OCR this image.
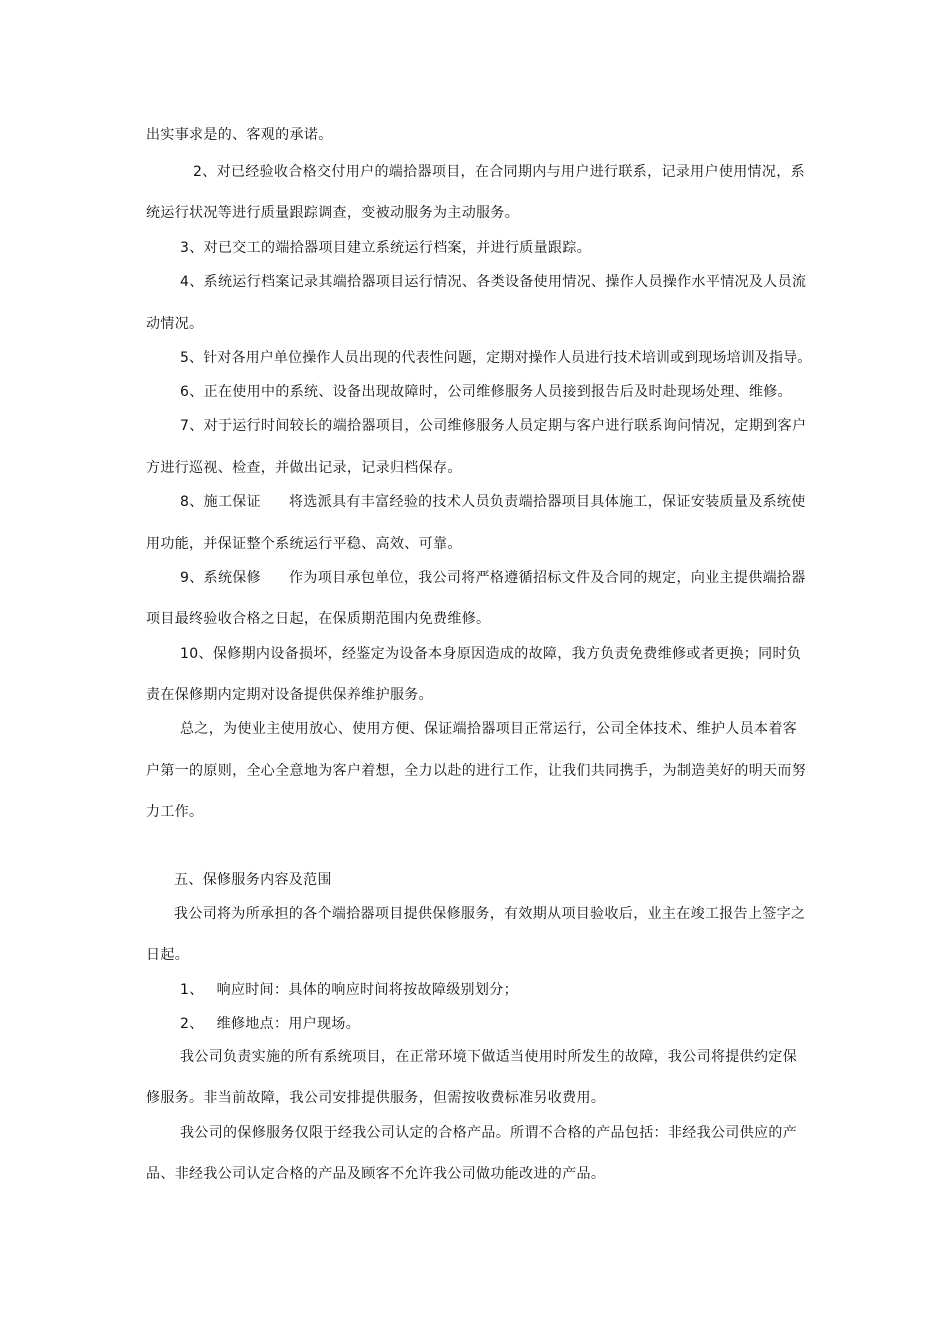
出实事求是的、客观的承诺。
2、对已经验收合格交付用户的端拾器项目，在合同期内与用户进行联系，记录用户使用情况，系
统运行状况等进行质量跟踪调查，变被动服务为主动服务。
3、对已交工的端拾器项目建立系统运行档案，并进行质量跟踪。
4、系统运行档案记录其端拾器项目运行情况、各类设备使用情况、操作人员操作水平情况及人员流
动情况。
5、针对各用户单位操作人员出现的代表性问题，定期对操作人员进行技术培训或到现场培训及指导。
6、正在使用中的系统、设备出现故障时，公司维修服务人员接到报告后及时赴现场处理、维修。
7、对于运行时间较长的端拾器项目，公司维修服务人员定期与客户进行联系询问情况，定期到客户
方进行巡视、检查，并做出记录，记录归档保存。
8、施工保证 将选派具有丰富经验的技术人员负责端拾器项目具体施工，保证安装质量及系统使
用功能，并保证整个系统运行平稳、高效、可靠。
9、系统保修 作为项目承包单位，我公司将严格遵循招标文件及合同的规定，向业主提供端拾器
项目最终验收合格之日起，在保质期范围内免费维修。
10、保修期内设备损坏，经鉴定为设备本身原因造成的故障，我方负责免费维修或者更换；同时负
责在保修期内定期对设备提供保养维护服务。
总之，为使业主使用放心、使用方便、保证端拾器项目正常运行，公司全体技术、维护人员本着客
户第一的原则，全心全意地为客户着想，全力以赴的进行工作，让我们共同携手，为制造美好的明天而努
力工作。
五、保修服务内容及范围
我公司将为所承担的各个端拾器项目提供保修服务，有效期从项目验收后，业主在竣工报告上签字之
日起。
1、 响应时间：具体的响应时间将按故障级别划分；
2、 维修地点：用户现场。
我公司负责实施的所有系统项目，在正常环境下做适当使用时所发生的故障，我公司将提供约定保
修服务。非当前故障，我公司安排提供服务，但需按收费标准另收费用。
我公司的保修服务仅限于经我公司认定的合格产品。所谓不合格的产品包括：非经我公司供应的产
品、非经我公司认定合格的产品及顾客不允许我公司做功能改进的产品。
